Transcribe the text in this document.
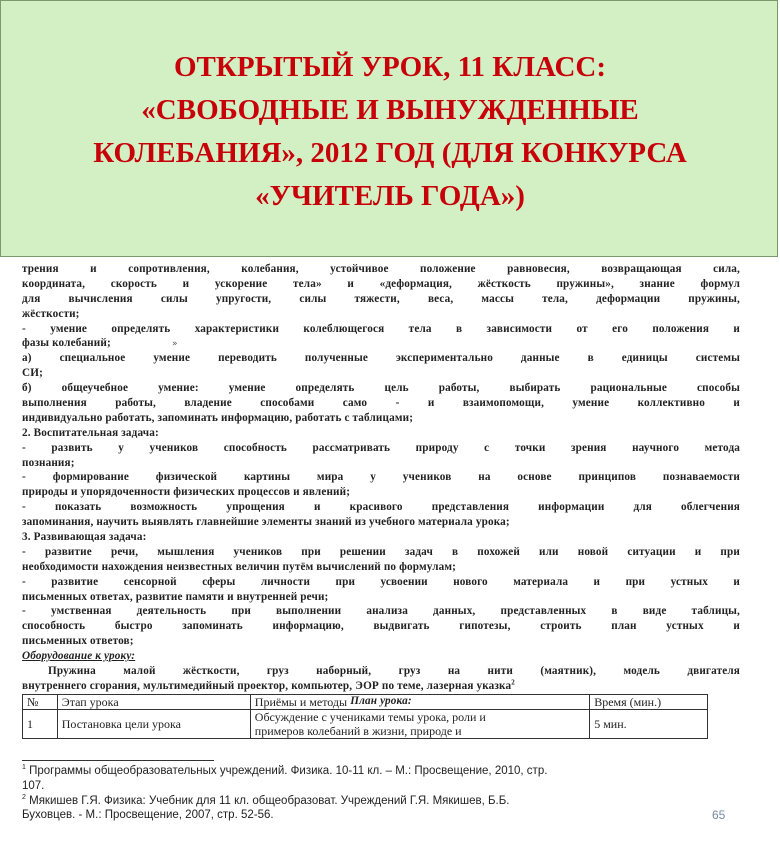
ОТКРЫТЫЙ УРОК, 11 КЛАСС:
«СВОБОДНЫЕ И ВЫНУЖДЕННЫЕ
КОЛЕБАНИЯ», 2012 ГОД (ДЛЯ КОНКУРСА
«УЧИТЕЛЬ ГОДА»)
трения и сопротивления, колебания, устойчивое положение равновесия, возвращающая сила,
координата, скорость и ускорение тела» и «деформация, жёсткость пружины», знание формул
для вычисления силы упругости, силы тяжести, веса, массы тела, деформации пружины,
жёсткости;
- умение определять характеристики колеблющегося тела в зависимости от его положения и
фазы колебаний;
а) специальное умение переводить полученные экспериментально данные в единицы системы
СИ;
б) общеучебное умение: умение определять цель работы, выбирать рациональные способы
выполнения работы, владение способами само - и взаимопомощи, умение коллективно и
индивидуально работать, запоминать информацию, работать с таблицами;
2. Воспитательная задача:
- развить у учеников способность рассматривать природу с точки зрения научного метода
познания;
- формирование физической картины мира у учеников на основе принципов познаваемости
природы и упорядоченности физических процессов и явлений;
- показать возможность упрощения и красивого представления информации для облегчения
запоминания, научить выявлять главнейшие элементы знаний из учебного материала урока;
3. Развивающая задача:
- развитие речи, мышления учеников при решении задач в похожей или новой ситуации и при
необходимости нахождения неизвестных величин путём вычислений по формулам;
- развитие сенсорной сферы личности при усвоении нового материала и при устных и
письменных ответах, развитие памяти и внутренней речи;
- умственная деятельность при выполнении анализа данных, представленных в виде таблицы,
способность быстро запоминать информацию, выдвигать гипотезы, строить план устных и
письменных ответов;
Оборудование к уроку:
Пружина малой жёсткости, груз наборный, груз на нити (маятник), модель двигателя
внутреннего сгорания, мультимедийный проектор, компьютер, ЭОР по теме, лазерная указка$^2$
План урока:
»
№	Этап урока	Приёмы и методы	Время (мин.)
1	Постановка цели урока	Обсуждение с учениками темы урока, роли и
примеров колебаний в жизни, природе и	5 мин.
$^1$ Программы общеобразовательных учреждений. Физика. 10-11 кл. – М.: Просвещение, 2010, стр.
107.
$^2$ Мякишев Г.Я. Физика: Учебник для 11 кл. общеобразоват. Учреждений Г.Я. Мякишев, Б.Б.
Буховцев. - М.: Просвещение, 2007, стр. 52-56.	65
